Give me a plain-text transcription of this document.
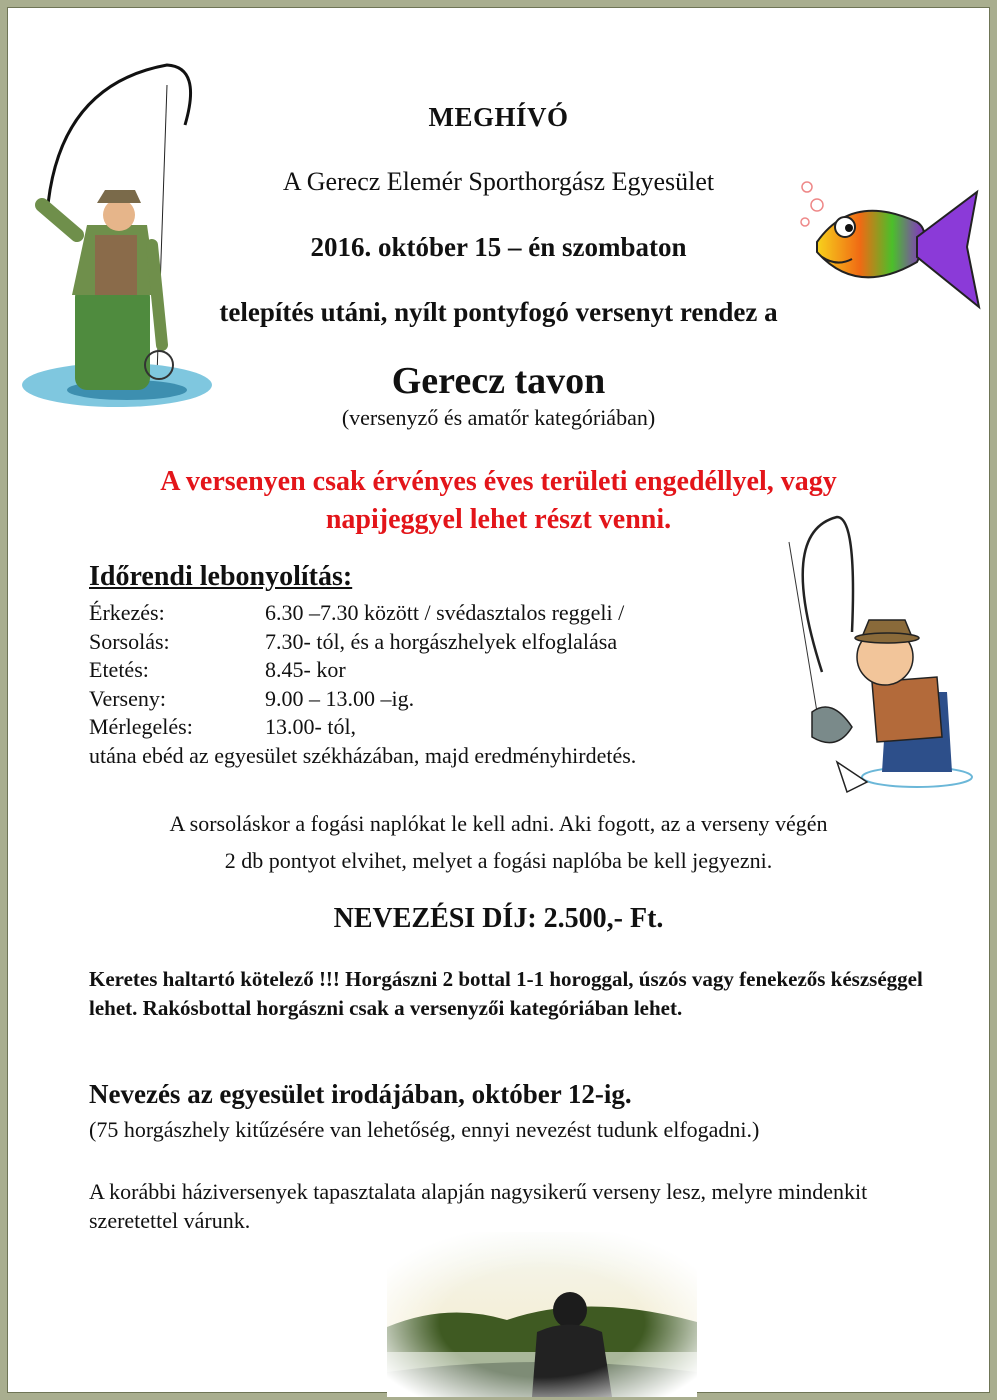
MEGHÍVÓ
A Gerecz Elemér Sporthorgász Egyesület
2016. október 15 – én szombaton
telepítés utáni, nyílt pontyfogó versenyt rendez a
Gerecz tavon
(versenyző és amatőr kategóriában)
A versenyen csak érvényes éves területi engedéllyel, vagy
napijeggyel lehet részt venni.
Időrendi lebonyolítás:
Érkezés:	6.30 –7.30 között / svédasztalos reggeli /
Sorsolás:	7.30- tól, és a horgászhelyek elfoglalása
Etetés:	8.45- kor
Verseny:	9.00 – 13.00 –ig.
Mérlegelés:	13.00- tól,
utána ebéd az egyesület székházában, majd eredményhirdetés.
A sorsoláskor a fogási naplókat le kell adni. Aki fogott, az a verseny végén
2 db pontyot elvihet, melyet a fogási naplóba be kell jegyezni.
NEVEZÉSI DÍJ: 2.500,- Ft.
Keretes haltartó kötelező !!! Horgászni 2 bottal 1-1 horoggal, úszós vagy fenekezős készséggel lehet. Rakósbottal horgászni csak a versenyzői kategóriában lehet.
Nevezés az egyesület irodájában, október 12-ig.
(75 horgászhely kitűzésére van lehetőség, ennyi nevezést tudunk elfogadni.)
A korábbi háziversenyek tapasztalata alapján nagysikerű verseny lesz, melyre mindenkit szeretettel várunk.
